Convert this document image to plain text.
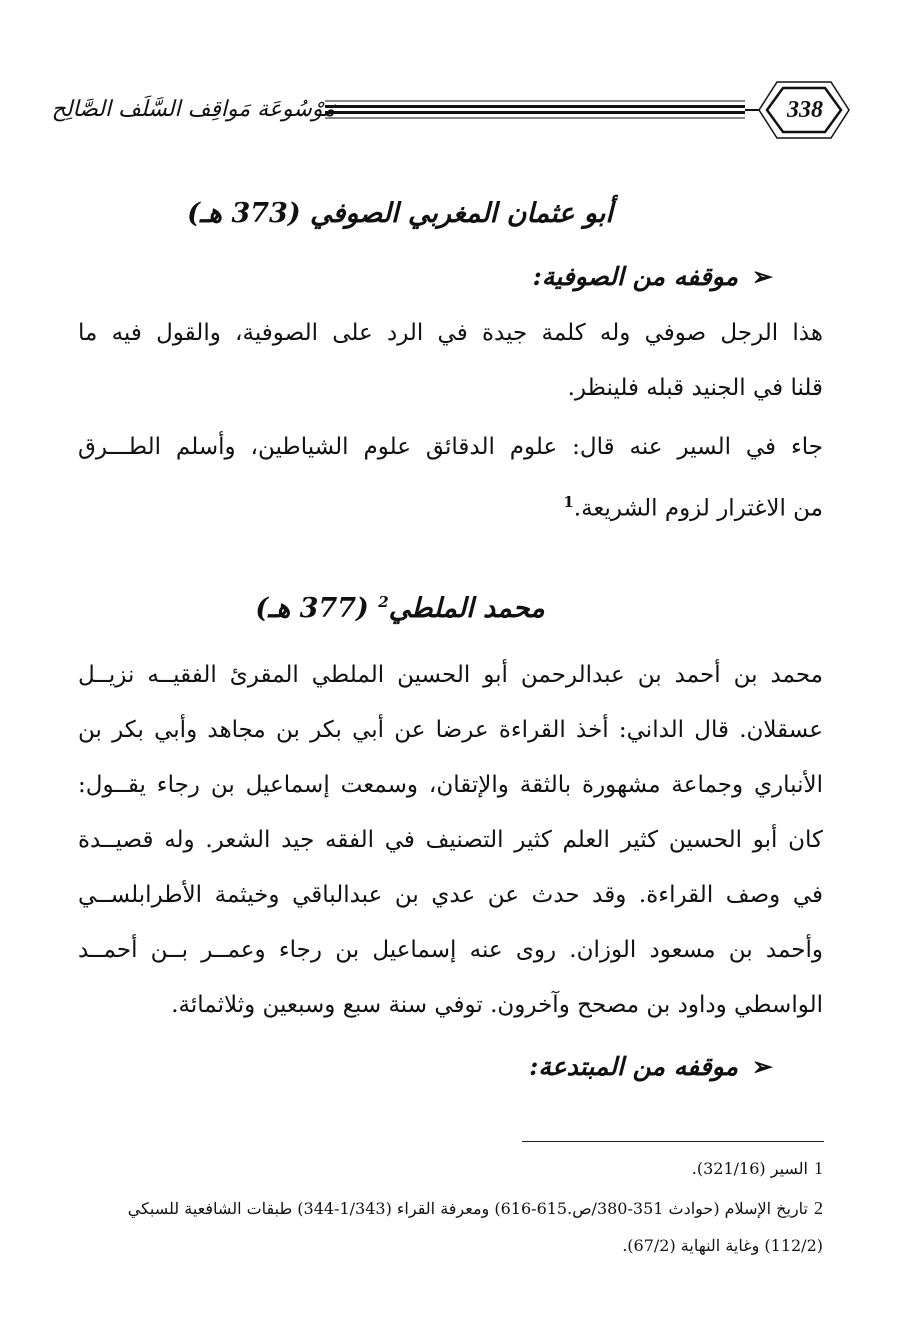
مَوْسُوعَة مَواقِف السَّلَف الصَّالِح	338
أبو عثمان المغربي الصوفي (373 هـ)
➢موقفه من الصوفية:
هذا الرجل صوفي وله كلمة جيدة في الرد على الصوفية، والقول فيه ما
قلنا في الجنيد قبله فلينظر.
جاء في السير عنه قال: علوم الدقائق علوم الشياطين، وأسلم الطـــرق
من الاغترار لزوم الشريعة.$^1$
محمد الملطي$^2$ (377 هـ)
محمد بن أحمد بن عبدالرحمن أبو الحسين الملطي المقرئ الفقيــه نزيــل
عسقلان. قال الداني: أخذ القراءة عرضا عن أبي بكر بن مجاهد وأبي بكر بن
الأنباري وجماعة مشهورة بالثقة والإتقان، وسمعت إسماعيل بن رجاء يقــول:
كان أبو الحسين كثير العلم كثير التصنيف في الفقه جيد الشعر. وله قصيــدة
في وصف القراءة. وقد حدث عن عدي بن عبدالباقي وخيثمة الأطرابلســي
وأحمد بن مسعود الوزان. روى عنه إسماعيل بن رجاء وعمــر بــن أحمــد
الواسطي وداود بن مصحح وآخرون. توفي سنة سبع وسبعين وثلاثمائة.
➢موقفه من المبتدعة:
1السير (321/16).
2تاريخ الإسلام (حوادث 351-380/ص.615-616) ومعرفة القراء (1/343-344) طبقات الشافعية للسبكي
(112/2) وغاية النهاية (67/2).
